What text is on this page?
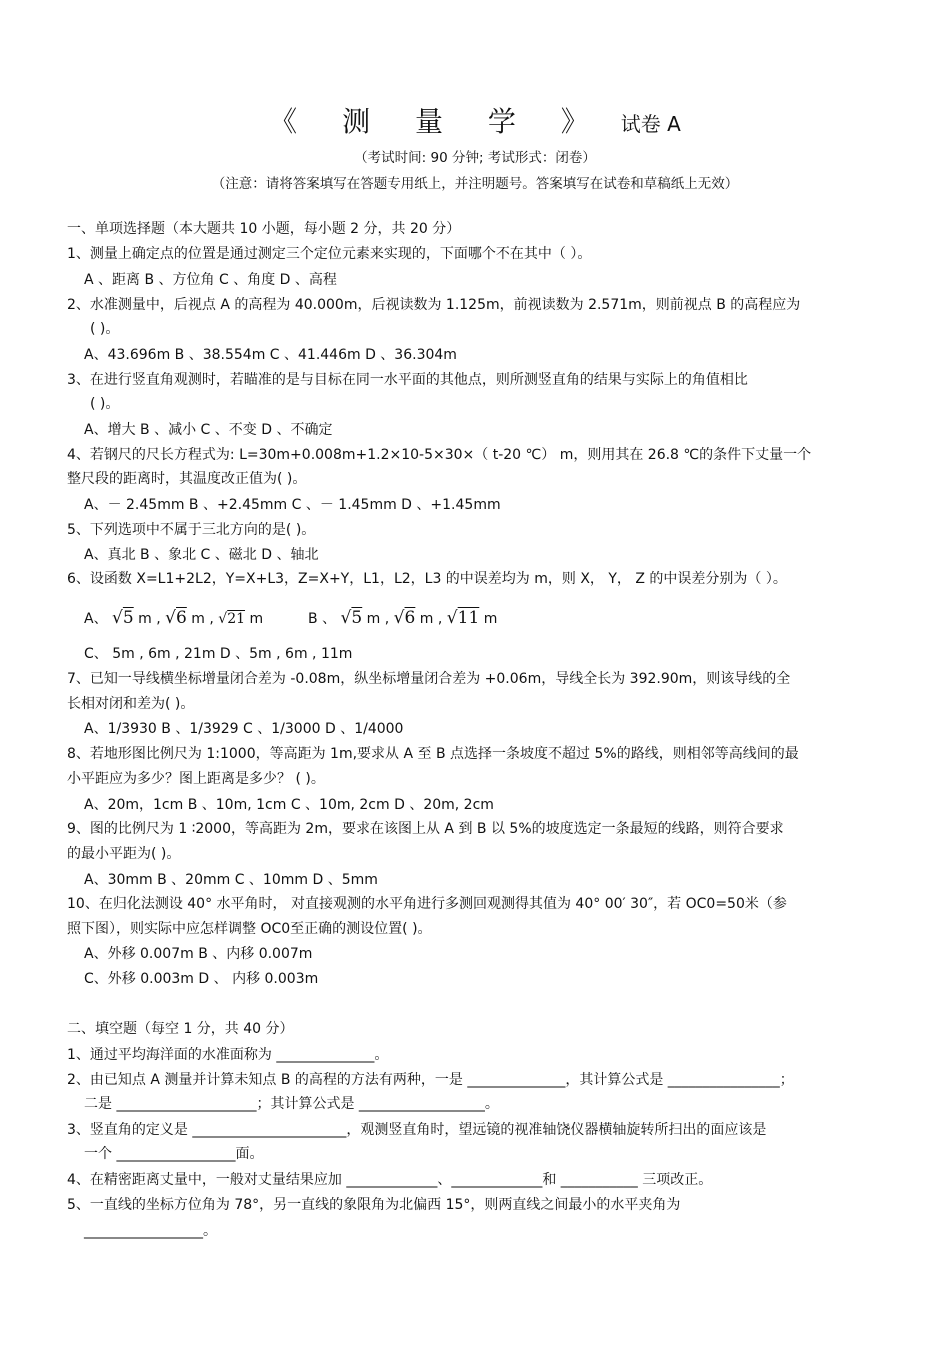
《 测 量 学 》 试卷 A
（考试时间: 90 分钟; 考试形式：闭卷）
（注意：请将答案填写在答题专用纸上，并注明题号。答案填写在试卷和草稿纸上无效）
一、单项选择题（本大题共 10 小题，每小题 2 分，共 20 分）
1、测量上确定点的位置是通过测定三个定位元素来实现的，下面哪个不在其中（ ）。
A 、距离 B 、方位角 C 、角度 D 、高程
2、水准测量中，后视点 A 的高程为 40.000m，后视读数为 1.125m，前视读数为 2.571m，则前视点 B 的高程应为
( )。
A、43.696m B 、38.554m C 、41.446m D 、36.304m
3、在进行竖直角观测时，若瞄准的是与目标在同一水平面的其他点，则所测竖直角的结果与实际上的角值相比
( )。
A、增大 B 、减小 C 、不变 D 、不确定
4、若钢尺的尺长方程式为: L=30m+0.008m+1.2×10-5×30×（ t-20 ℃） m，则用其在 26.8 ℃的条件下丈量一个
整尺段的距离时，其温度改正值为( )。
A、－ 2.45mm B 、+2.45mm C 、－ 1.45mm D 、+1.45mm
5、下列选项中不属于三北方向的是( )。
A、真北 B 、象北 C 、磁北 D 、轴北
6、设函数 X=L1+2L2，Y=X+L3，Z=X+Y，L1，L2，L3 的中误差均为 m，则 X， Y， Z 的中误差分别为（ ）。
A、 √5 m , √6 m , √21 m	B 、 √5 m , √6 m , √11 m
C、 5m , 6m , 21m D 、5m , 6m , 11m
7、已知一导线横坐标增量闭合差为 -0.08m，纵坐标增量闭合差为 +0.06m，导线全长为 392.90m，则该导线的全
长相对闭和差为( )。
A、1/3930 B 、1/3929 C 、1/3000 D 、1/4000
8、若地形图比例尺为 1:1000，等高距为 1m,要求从 A 至 B 点选择一条坡度不超过 5%的路线，则相邻等高线间的最
小平距应为多少？图上距离是多少？ ( )。
A、20m，1cm B 、10m, 1cm C 、10m, 2cm D 、20m, 2cm
9、图的比例尺为 1 ∶2000，等高距为 2m，要求在该图上从 A 到 B 以 5%的坡度选定一条最短的线路，则符合要求
的最小平距为( )。
A、30mm B 、20mm C 、10mm D 、5mm
10、在归化法测设 40° 水平角时， 对直接观测的水平角进行多测回观测得其值为 40° 00′ 30″，若 OC0=50米（参
照下图），则实际中应怎样调整 OC0至正确的测设位置( )。
A、外移 0.007m B 、内移 0.007m
C、外移 0.003m D 、 内移 0.003m
二、填空题（每空 1 分，共 40 分）
1、通过平均海洋面的水准面称为 ______________。
2、由已知点 A 测量并计算未知点 B 的高程的方法有两种，一是 ______________，其计算公式是 ________________；
二是 ____________________；其计算公式是 __________________。
3、竖直角的定义是 ______________________，观测竖直角时，望远镜的视准轴饶仪器横轴旋转所扫出的面应该是
一个 _________________面。
4、在精密距离丈量中，一般对丈量结果应加 _____________、_____________和 ___________ 三项改正。
5、一直线的坐标方位角为 78°，另一直线的象限角为北偏西 15°，则两直线之间最小的水平夹角为
_________________。
